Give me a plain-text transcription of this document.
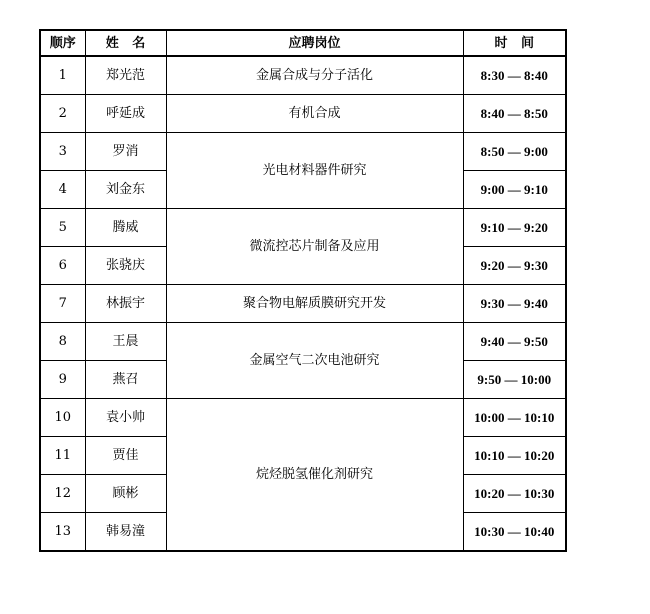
顺序	姓   名	应聘岗位	时   间
1	郑光范	金属合成与分子活化	8:30 — 8:40
2	呼延成	有机合成	8:40 — 8:50
3	罗消	光电材料器件研究	8:50 — 9:00
4	刘金东		9:00 — 9:10
5	腾威	微流控芯片制备及应用	9:10 — 9:20
6	张骁庆		9:20 — 9:30
7	林振宇	聚合物电解质膜研究开发	9:30 — 9:40
8	王晨	金属空气二次电池研究	9:40 — 9:50
9	燕召		9:50 — 10:00
10	袁小帅	烷烃脱氢催化剂研究	10:00 — 10:10
11	贾佳		10:10 — 10:20
12	顾彬		10:20 — 10:30
13	韩易潼		10:30 — 10:40
